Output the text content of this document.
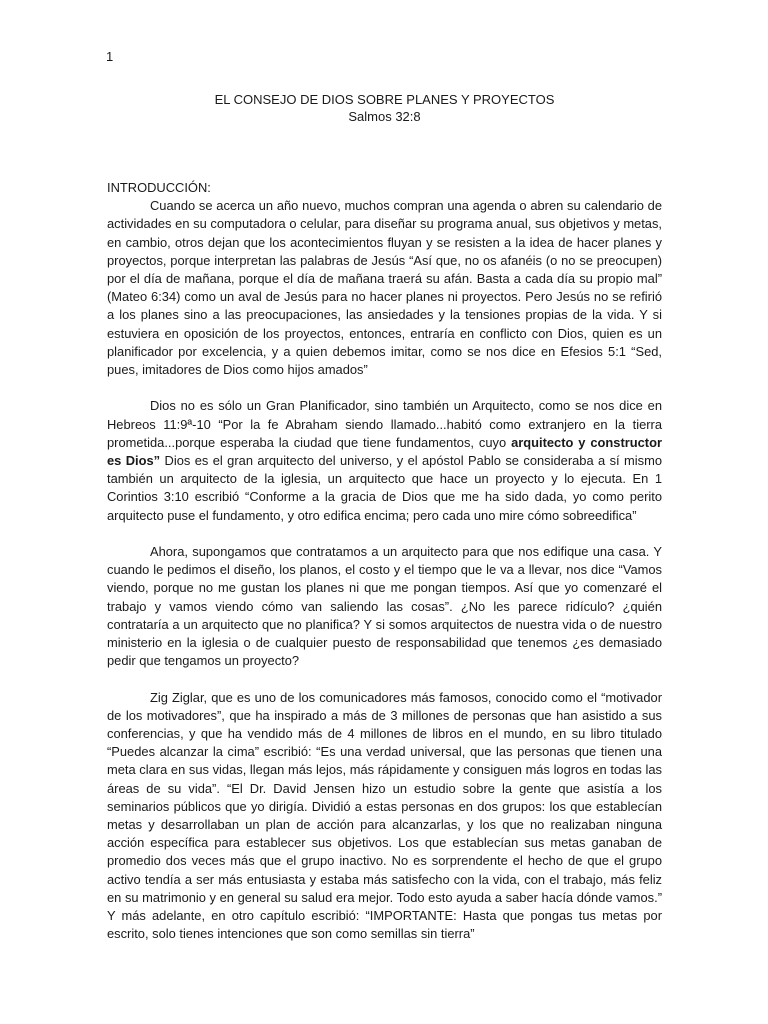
1
EL CONSEJO DE DIOS SOBRE PLANES Y PROYECTOS
Salmos 32:8
INTRODUCCIÓN:

Cuando se acerca un año nuevo, muchos compran una agenda o abren su calendario de actividades en su computadora o celular, para diseñar su programa anual, sus objetivos y metas, en cambio, otros dejan que los acontecimientos fluyan y se resisten a la idea de hacer planes y proyectos, porque interpretan las palabras de Jesús “Así que, no os afanéis (o no se preocupen) por el día de mañana, porque el día de mañana traerá su afán. Basta a cada día su propio mal” (Mateo 6:34) como un aval de Jesús para no hacer planes ni proyectos. Pero Jesús no se refirió a los planes sino a las preocupaciones, las ansiedades y la tensiones propias de la vida. Y si estuviera en oposición de los proyectos, entonces, entraría en conflicto con Dios, quien es un planificador por excelencia, y a quien debemos imitar, como se nos dice en Efesios 5:1 “Sed, pues, imitadores de Dios como hijos amados”

Dios no es sólo un Gran Planificador, sino también un Arquitecto, como se nos dice en Hebreos 11:9ª-10 “Por la fe Abraham siendo llamado...habitó como extranjero en la tierra prometida...porque esperaba la ciudad que tiene fundamentos, cuyo arquitecto y constructor es Dios” Dios es el gran arquitecto del universo, y el apóstol Pablo se consideraba a sí mismo también un arquitecto de la iglesia, un arquitecto que hace un proyecto y lo ejecuta. En 1 Corintios 3:10 escribió “Conforme a la gracia de Dios que me ha sido dada, yo como perito arquitecto puse el fundamento, y otro edifica encima; pero cada uno mire cómo sobreedifica”

Ahora, supongamos que contratamos a un arquitecto para que nos edifique una casa. Y cuando le pedimos el diseño, los planos, el costo y el tiempo que le va a llevar, nos dice “Vamos viendo, porque no me gustan los planes ni que me pongan tiempos. Así que yo comenzaré el trabajo y vamos viendo cómo van saliendo las cosas”. ¿No les parece ridículo? ¿quién contrataría a un arquitecto que no planifica? Y si somos arquitectos de nuestra vida o de nuestro ministerio en la iglesia o de cualquier puesto de responsabilidad que tenemos ¿es demasiado pedir que tengamos un proyecto?

Zig Ziglar, que es uno de los comunicadores más famosos, conocido como el “motivador de los motivadores”, que ha inspirado a más de 3 millones de personas que han asistido a sus conferencias, y que ha vendido más de 4 millones de libros en el mundo, en su libro titulado “Puedes alcanzar la cima” escribió: “Es una verdad universal, que las personas que tienen una meta clara en sus vidas, llegan más lejos, más rápidamente y consiguen más logros en todas las áreas de su vida”. “El Dr. David Jensen hizo un estudio sobre la gente que asistía a los seminarios públicos que yo dirigía. Dividió a estas personas en dos grupos: los que establecían metas y desarrollaban un plan de acción para alcanzarlas, y los que no realizaban ninguna acción específica para establecer sus objetivos. Los que establecían sus metas ganaban de promedio dos veces más que el grupo inactivo. No es sorprendente el hecho de que el grupo activo tendía a ser más entusiasta y estaba más satisfecho con la vida, con el trabajo, más feliz en su matrimonio y en general su salud era mejor. Todo esto ayuda a saber hacía dónde vamos.” Y más adelante, en otro capítulo escribió: “IMPORTANTE: Hasta que pongas tus metas por escrito, solo tienes intenciones que son como semillas sin tierra”
